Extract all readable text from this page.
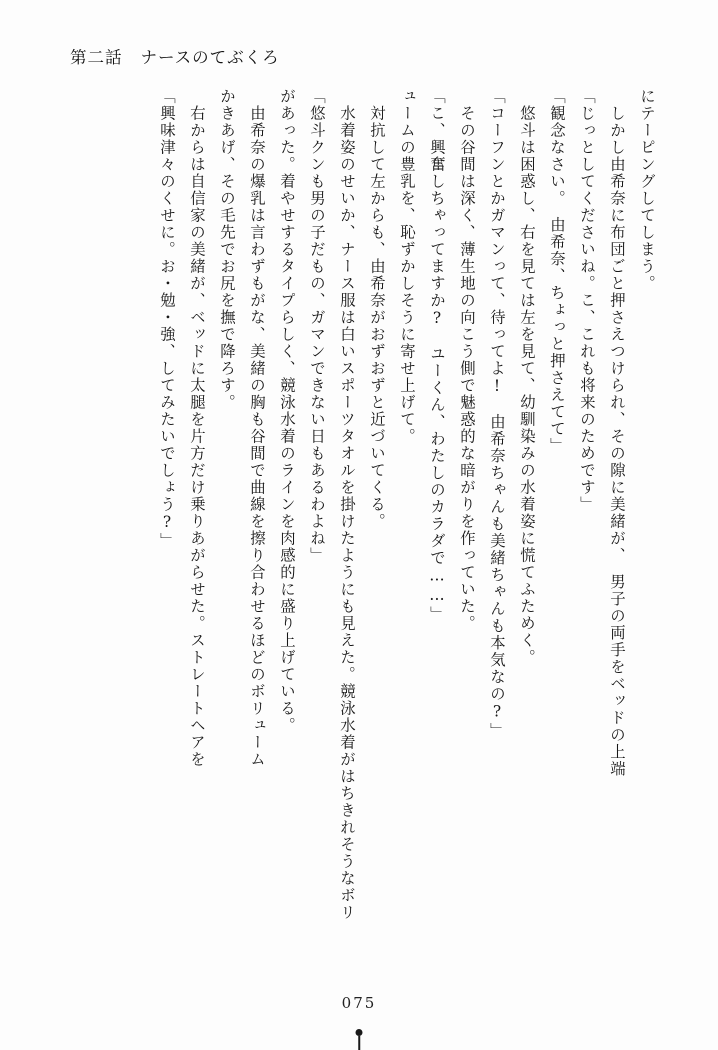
第二話 ナースのてぶくろ
「興味津々のくせに。お・勉・強、してみたいでしょう?」 　右からは自信家の美緒が、ベッドに太腿を片方だけ乗りあがらせた。ストレートヘアを かきあげ、その毛先でお尻を撫で降ろす。 　由希奈の爆乳は言わずもがな、美緒の胸も谷間で曲線を擦り合わせるほどのボリューム があった。着やせするタイプらしく、競泳水着のラインを肉感的に盛り上げている。 「悠斗クンも男の子だもの、ガマンできない日もあるわよね」 　水着姿のせいか、ナース服は白いスポーツタオルを掛けたようにも見えた。競泳水着がはちきれそうなボリ 　対抗して左からも、由希奈がおずおずと近づいてくる。 ュームの豊乳を、恥ずかしそうに寄せ上げて。 「こ、興奮しちゃってますか?　ユーくん、わたしのカラダで……」 　その谷間は深く、薄生地の向こう側で魅惑的な暗がりを作っていた。 「コーフンとかガマンって、待ってよ!　由希奈ちゃんも美緒ちゃんも本気なの?」 　悠斗は困惑し、右を見ては左を見て、幼馴染みの水着姿に慌てふためく。 「観念なさい。　由希奈、ちょっと押さえてて」 「じっとしてくださいね。こ、これも将来のためです」 　しかし由希奈に布団ごと押さえつけられ、その隙に美緒が、　男子の両手をベッドの上端 にテーピングしてしまう。
075
